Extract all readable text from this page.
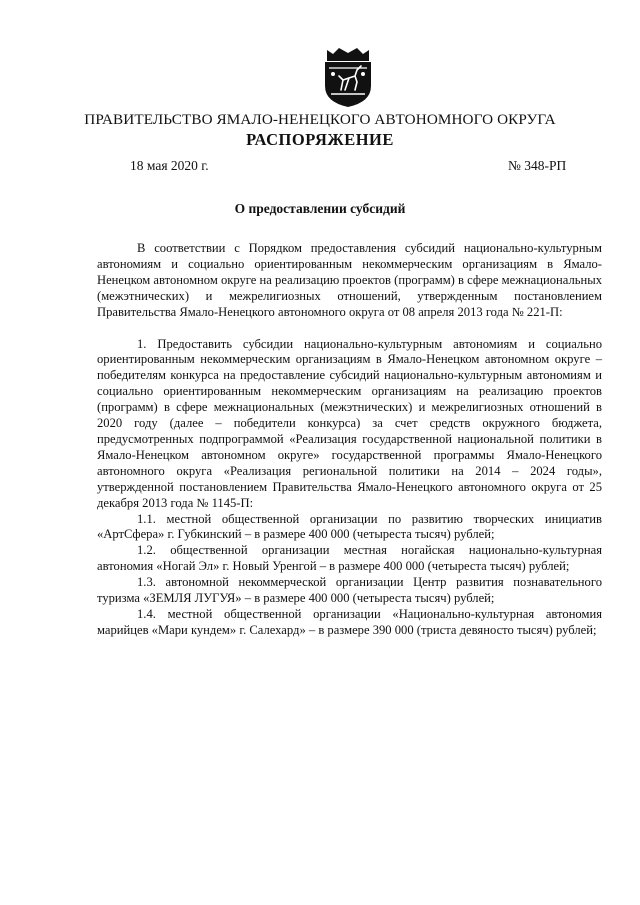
ПРАВИТЕЛЬСТВО ЯМАЛО-НЕНЕЦКОГО АВТОНОМНОГО ОКРУГА
РАСПОРЯЖЕНИЕ
18 мая 2020 г.	№ 348-РП
О предоставлении субсидий

В соответствии с Порядком предоставления субсидий национально-культурным автономиям и социально ориентированным некоммерческим организациям в Ямало-Ненецком автономном округе на реализацию проектов (программ) в сфере межнациональных (межэтнических) и межрелигиозных отношений, утвержденным постановлением Правительства Ямало-Ненецкого автономного округа от 08 апреля 2013 года № 221-П:

1. Предоставить субсидии национально-культурным автономиям и социально ориентированным некоммерческим организациям в Ямало-Ненецком автономном округе – победителям конкурса на предоставление субсидий национально-культурным автономиям и социально ориентированным некоммерческим организациям на реализацию проектов (программ) в сфере межнациональных (межэтнических) и межрелигиозных отношений в 2020 году (далее – победители конкурса) за счет средств окружного бюджета, предусмотренных подпрограммой «Реализация государственной национальной политики в Ямало-Ненецком автономном округе» государственной программы Ямало-Ненецкого автономного округа «Реализация региональной политики на 2014 – 2024 годы», утвержденной постановлением Правительства Ямало-Ненецкого автономного округа от 25 декабря 2013 года № 1145-П:

1.1. местной общественной организации по развитию творческих инициатив «АртСфера» г. Губкинский – в размере 400 000 (четыреста тысяч) рублей;

1.2. общественной организации местная ногайская национально-культурная автономия «Ногай Эл» г. Новый Уренгой – в размере 400 000 (четыреста тысяч) рублей;

1.3. автономной некоммерческой организации Центр развития познавательного туризма «ЗЕМЛЯ ЛУГУЯ» – в размере 400 000 (четыреста тысяч) рублей;

1.4. местной общественной организации «Национально-культурная автономия марийцев «Мари кундем» г. Салехард» – в размере 390 000 (триста девяносто тысяч) рублей;
